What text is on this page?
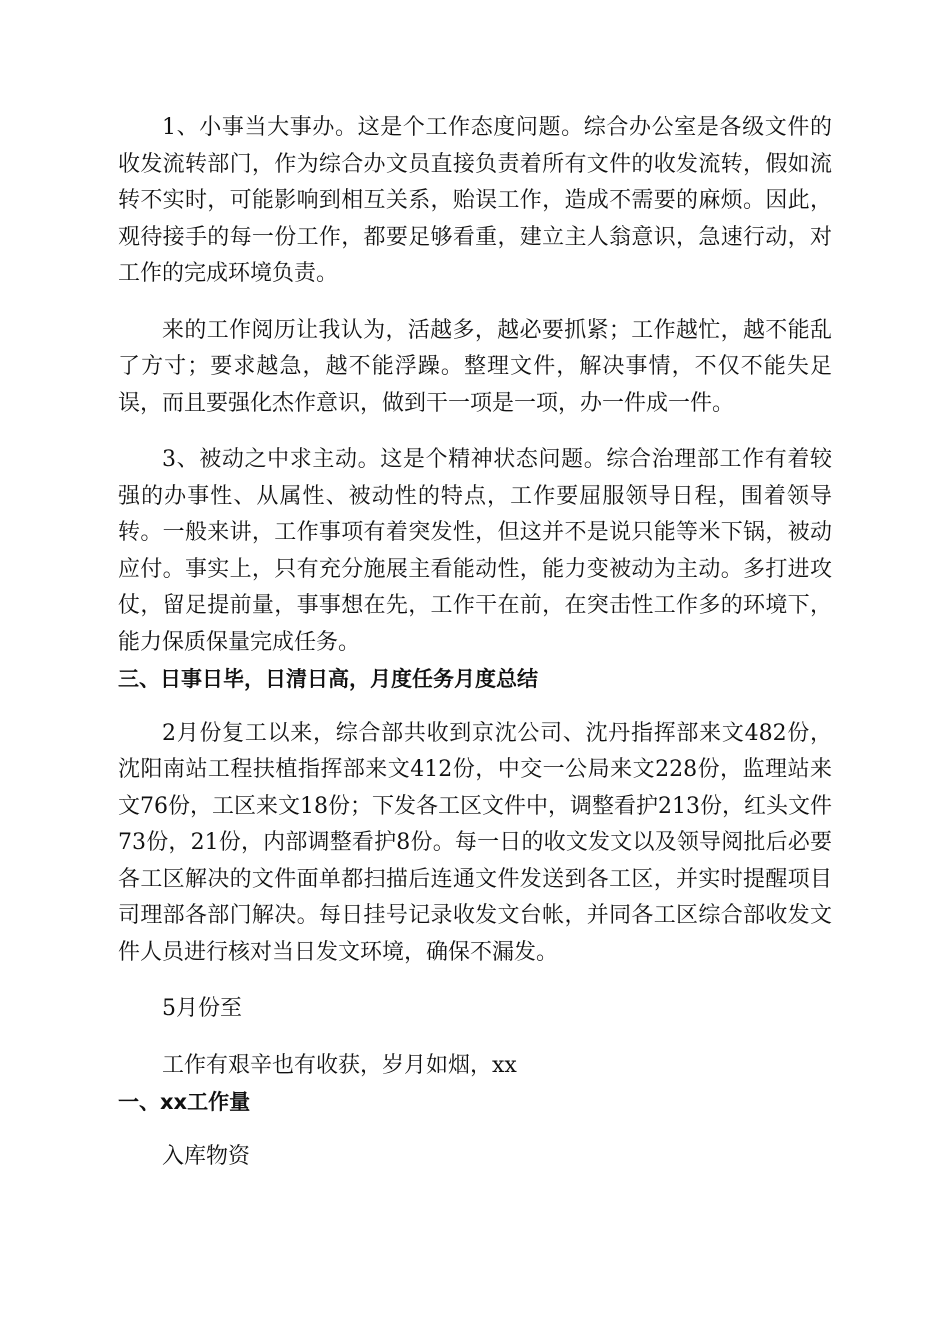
1、小事当大事办。这是个工作态度问题。综合办公室是各级文件的收发流转部门，作为综合办文员直接负责着所有文件的收发流转，假如流转不实时，可能影响到相互关系，贻误工作，造成不需要的麻烦。因此，观待接手的每一份工作，都要足够看重，建立主人翁意识，急速行动，对工作的完成环境负责。

来的工作阅历让我认为，活越多，越必要抓紧；工作越忙，越不能乱了方寸；要求越急，越不能浮躁。整理文件，解决事情，不仅不能失足误，而且要强化杰作意识，做到干一项是一项，办一件成一件。

3、被动之中求主动。这是个精神状态问题。综合治理部工作有着较强的办事性、从属性、被动性的特点，工作要屈服领导日程，围着领导转。一般来讲，工作事项有着突发性，但这并不是说只能等米下锅，被动应付。事实上，只有充分施展主看能动性，能力变被动为主动。多打进攻仗，留足提前量，事事想在先，工作干在前，在突击性工作多的环境下，能力保质保量完成任务。

三、日事日毕，日清日高，月度任务月度总结

2月份复工以来，综合部共收到京沈公司、沈丹指挥部来文482份，沈阳南站工程扶植指挥部来文412份，中交一公局来文228份，监理站来文76份，工区来文18份；下发各工区文件中，调整看护213份，红头文件73份，21份，内部调整看护8份。每一日的收文发文以及领导阅批后必要各工区解决的文件面单都扫描后连通文件发送到各工区，并实时提醒项目司理部各部门解决。每日挂号记录收发文台帐，并同各工区综合部收发文件人员进行核对当日发文环境，确保不漏发。

5月份至

工作有艰辛也有收获，岁月如烟，xx

一、xx工作量

入库物资
